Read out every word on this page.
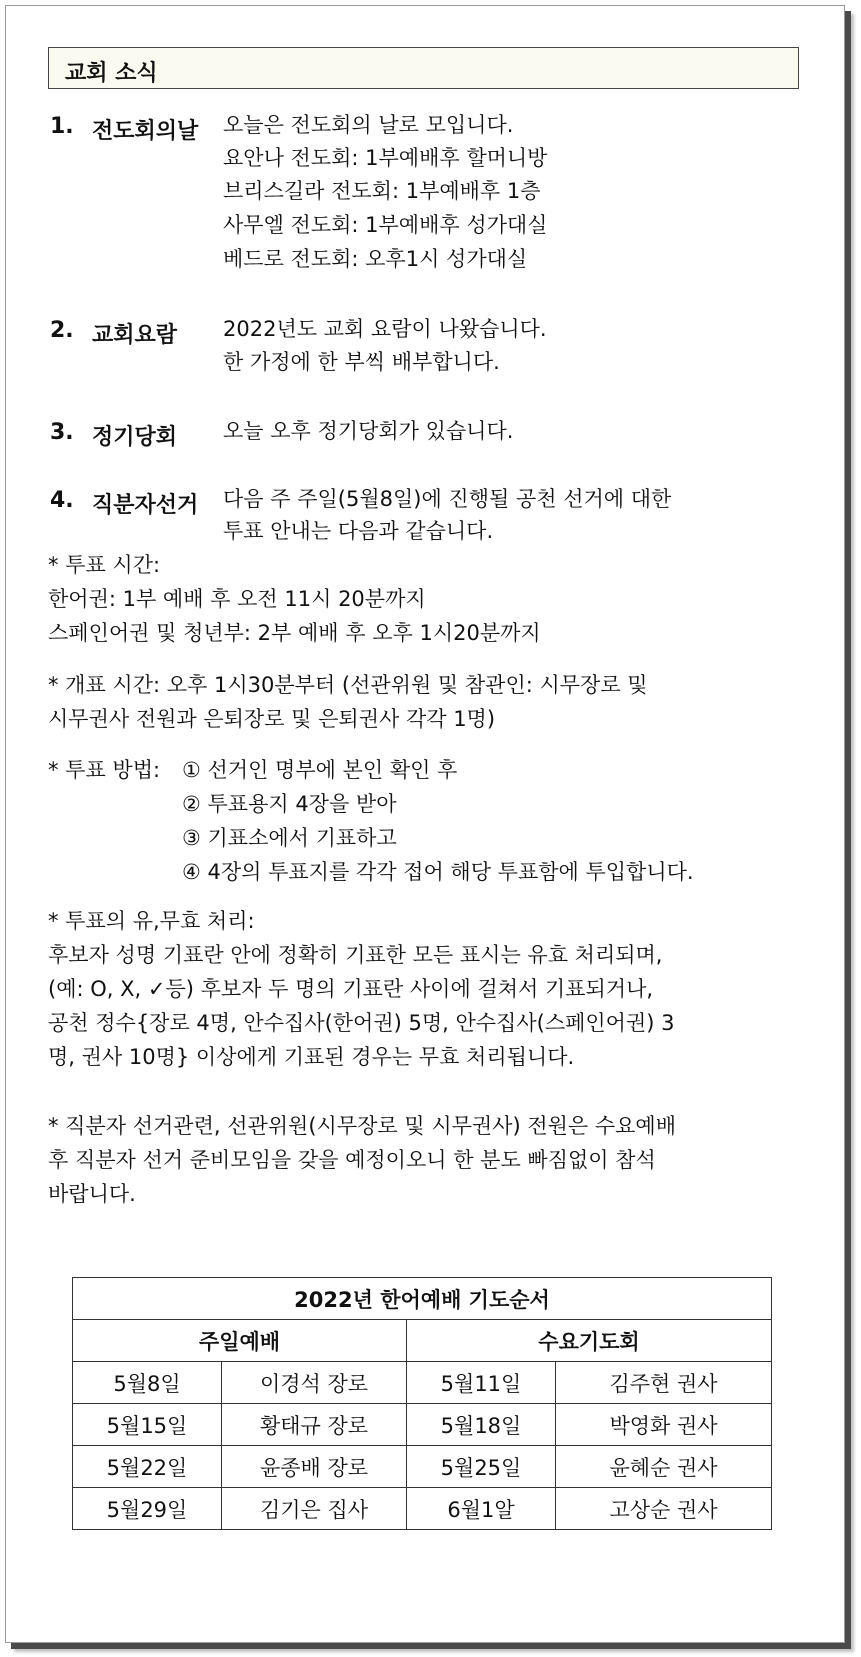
교회 소식
1. 전도회의날 오늘은 전도회의 날로 모입니다.
요안나 전도회: 1부예배후 할머니방
브리스길라 전도회: 1부예배후 1층
사무엘 전도회: 1부예배후 성가대실
베드로 전도회: 오후1시 성가대실
2. 교회요람 2022년도 교회 요람이 나왔습니다.
한 가정에 한 부씩 배부합니다.
3. 정기당회 오늘 오후 정기당회가 있습니다.
4. 직분자선거 다음 주 주일(5월8일)에 진행될 공천 선거에 대한
투표 안내는 다음과 같습니다.
* 투표 시간:
한어권: 1부 예배 후 오전 11시 20분까지
스페인어권 및 청년부: 2부 예배 후 오후 1시20분까지
* 개표 시간: 오후 1시30분부터 (선관위원 및 참관인: 시무장로 및
시무권사 전원과 은퇴장로 및 은퇴권사 각각 1명)
* 투표 방법: ① 선거인 명부에 본인 확인 후
② 투표용지 4장을 받아
③ 기표소에서 기표하고
④ 4장의 투표지를 각각 접어 해당 투표함에 투입합니다.
* 투표의 유,무효 처리:
후보자 성명 기표란 안에 정확히 기표한 모든 표시는 유효 처리되며,
(예: O, X, ✓등) 후보자 두 명의 기표란 사이에 걸쳐서 기표되거나,
공천 정수{장로 4명, 안수집사(한어권) 5명, 안수집사(스페인어권) 3
명, 권사 10명} 이상에게 기표된 경우는 무효 처리됩니다.
* 직분자 선거관련, 선관위원(시무장로 및 시무권사) 전원은 수요예배
후 직분자 선거 준비모임을 갖을 예정이오니 한 분도 빠짐없이 참석
바랍니다.
2022년 한어예배 기도순서			
주일예배		수요기도회	
5월8일	이경석 장로	5월11일	김주현 권사
5월15일	황태규 장로	5월18일	박영화 권사
5월22일	윤종배 장로	5월25일	윤혜순 권사
5월29일	김기은 집사	6월1알	고상순 권사
